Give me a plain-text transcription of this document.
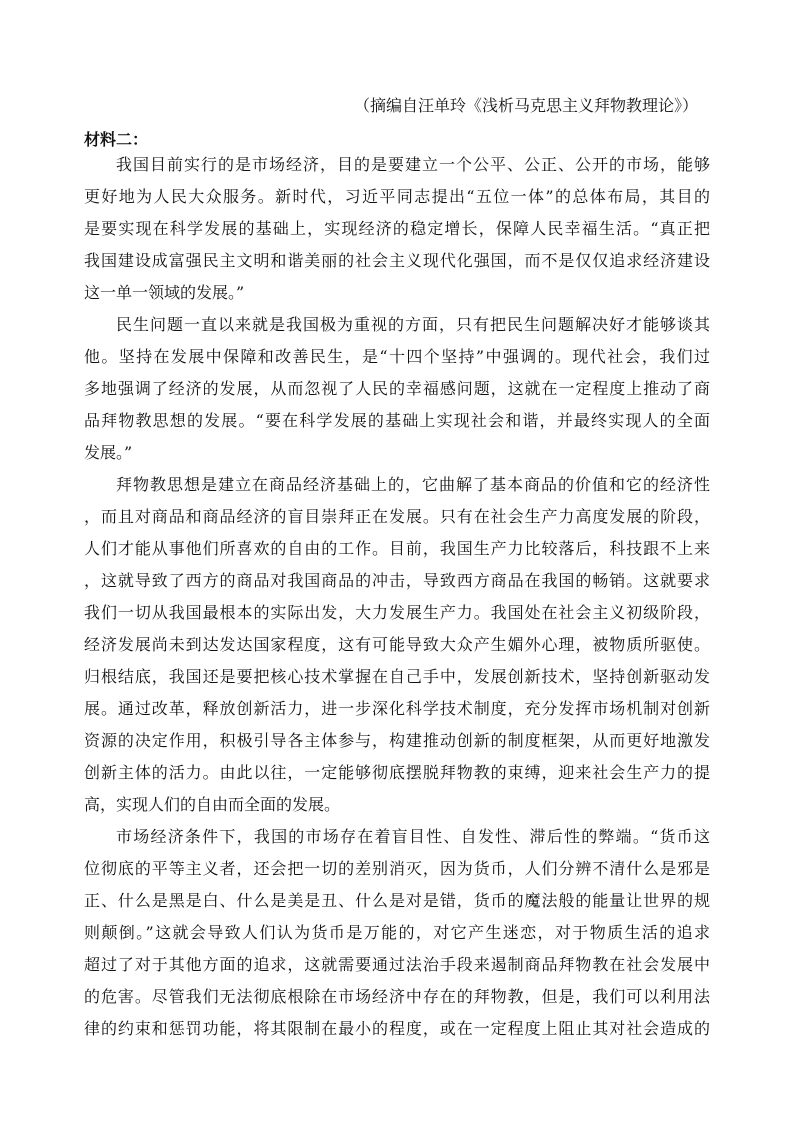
（摘编自汪单玲《浅析马克思主义拜物教理论》）
材料二：
我国目前实行的是市场经济，目的是要建立一个公平、公正、公开的市场，能够
更好地为人民大众服务。新时代，习近平同志提出“五位一体”的总体布局，其目的
是要实现在科学发展的基础上，实现经济的稳定增长，保障人民幸福生活。“真正把
我国建设成富强民主文明和谐美丽的社会主义现代化强国，而不是仅仅追求经济建设
这一单一领域的发展。”
民生问题一直以来就是我国极为重视的方面，只有把民生问题解决好才能够谈其
他。坚持在发展中保障和改善民生，是“十四个坚持”中强调的。现代社会，我们过
多地强调了经济的发展，从而忽视了人民的幸福感问题，这就在一定程度上推动了商
品拜物教思想的发展。“要在科学发展的基础上实现社会和谐，并最终实现人的全面
发展。”
拜物教思想是建立在商品经济基础上的，它曲解了基本商品的价值和它的经济性
，而且对商品和商品经济的盲目崇拜正在发展。只有在社会生产力高度发展的阶段，
人们才能从事他们所喜欢的自由的工作。目前，我国生产力比较落后，科技跟不上来
，这就导致了西方的商品对我国商品的冲击，导致西方商品在我国的畅销。这就要求
我们一切从我国最根本的实际出发，大力发展生产力。我国处在社会主义初级阶段，
经济发展尚未到达发达国家程度，这有可能导致大众产生媚外心理，被物质所驱使。
归根结底，我国还是要把核心技术掌握在自己手中，发展创新技术，坚持创新驱动发
展。通过改革，释放创新活力，进一步深化科学技术制度，充分发挥市场机制对创新
资源的决定作用，积极引导各主体参与，构建推动创新的制度框架，从而更好地激发
创新主体的活力。由此以往，一定能够彻底摆脱拜物教的束缚，迎来社会生产力的提
高，实现人们的自由而全面的发展。
市场经济条件下，我国的市场存在着盲目性、自发性、滞后性的弊端。“货币这
位彻底的平等主义者，还会把一切的差别消灭，因为货币，人们分辨不清什么是邪是
正、什么是黑是白、什么是美是丑、什么是对是错，货币的魔法般的能量让世界的规
则颠倒。”这就会导致人们认为货币是万能的，对它产生迷恋，对于物质生活的追求
超过了对于其他方面的追求，这就需要通过法治手段来遏制商品拜物教在社会发展中
的危害。尽管我们无法彻底根除在市场经济中存在的拜物教，但是，我们可以利用法
律的约束和惩罚功能，将其限制在最小的程度，或在一定程度上阻止其对社会造成的
